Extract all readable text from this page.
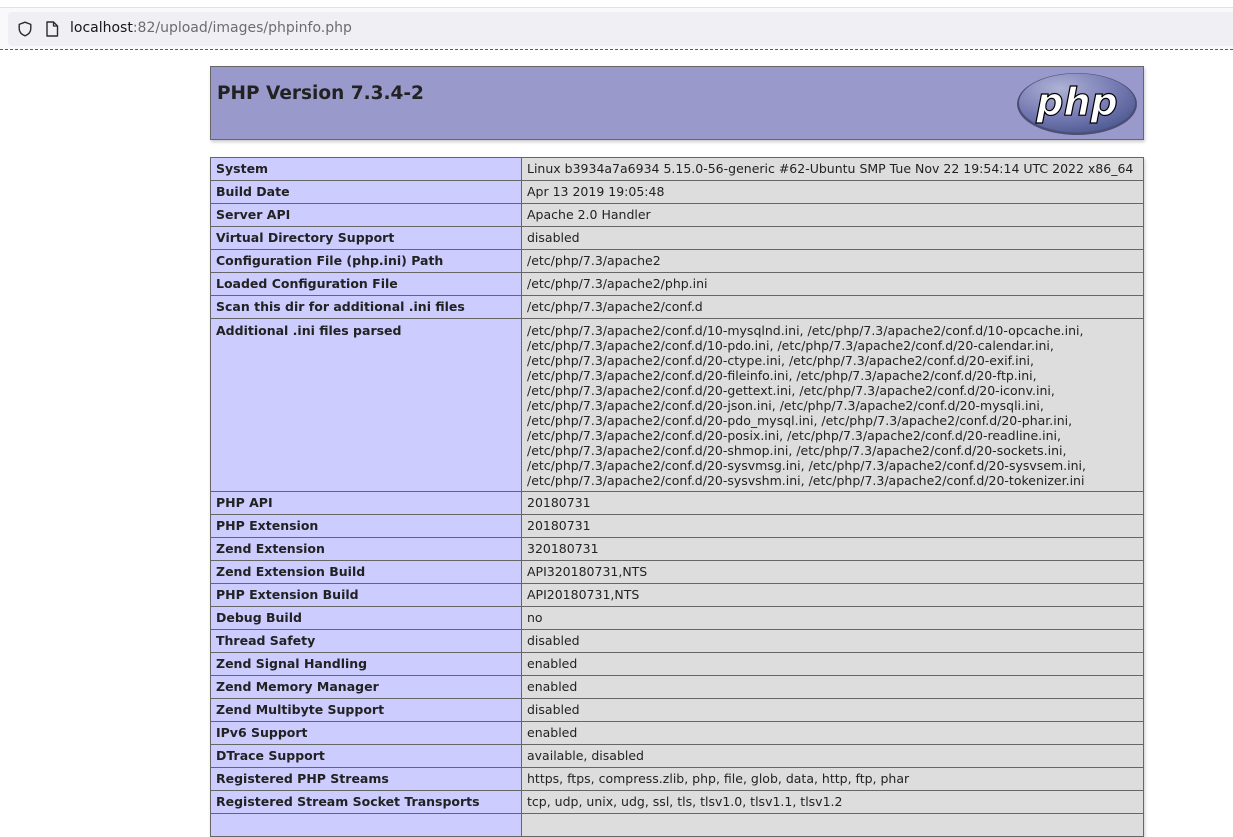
localhost:82/upload/images/phpinfo.php
PHP Version 7.3.4-2	php
System	Linux b3934a7a6934 5.15.0-56-generic #62-Ubuntu SMP Tue Nov 22 19:54:14 UTC 2022 x86_64
Build Date	Apr 13 2019 19:05:48
Server API	Apache 2.0 Handler
Virtual Directory Support	disabled
Configuration File (php.ini) Path	/etc/php/7.3/apache2
Loaded Configuration File	/etc/php/7.3/apache2/php.ini
Scan this dir for additional .ini files	/etc/php/7.3/apache2/conf.d
Additional .ini files parsed	/etc/php/7.3/apache2/conf.d/10-mysqlnd.ini, /etc/php/7.3/apache2/conf.d/10-opcache.ini, /etc/php/7.3/apache2/conf.d/10-pdo.ini, /etc/php/7.3/apache2/conf.d/20-calendar.ini, /etc/php/7.3/apache2/conf.d/20-ctype.ini, /etc/php/7.3/apache2/conf.d/20-exif.ini, /etc/php/7.3/apache2/conf.d/20-fileinfo.ini, /etc/php/7.3/apache2/conf.d/20-ftp.ini, /etc/php/7.3/apache2/conf.d/20-gettext.ini, /etc/php/7.3/apache2/conf.d/20-iconv.ini, /etc/php/7.3/apache2/conf.d/20-json.ini, /etc/php/7.3/apache2/conf.d/20-mysqli.ini, /etc/php/7.3/apache2/conf.d/20-pdo_mysql.ini, /etc/php/7.3/apache2/conf.d/20-phar.ini, /etc/php/7.3/apache2/conf.d/20-posix.ini, /etc/php/7.3/apache2/conf.d/20-readline.ini, /etc/php/7.3/apache2/conf.d/20-shmop.ini, /etc/php/7.3/apache2/conf.d/20-sockets.ini, /etc/php/7.3/apache2/conf.d/20-sysvmsg.ini, /etc/php/7.3/apache2/conf.d/20-sysvsem.ini, /etc/php/7.3/apache2/conf.d/20-sysvshm.ini, /etc/php/7.3/apache2/conf.d/20-tokenizer.ini
PHP API	20180731
PHP Extension	20180731
Zend Extension	320180731
Zend Extension Build	API320180731,NTS
PHP Extension Build	API20180731,NTS
Debug Build	no
Thread Safety	disabled
Zend Signal Handling	enabled
Zend Memory Manager	enabled
Zend Multibyte Support	disabled
IPv6 Support	enabled
DTrace Support	available, disabled
Registered PHP Streams	https, ftps, compress.zlib, php, file, glob, data, http, ftp, phar
Registered Stream Socket Transports	tcp, udp, unix, udg, ssl, tls, tlsv1.0, tlsv1.1, tlsv1.2
